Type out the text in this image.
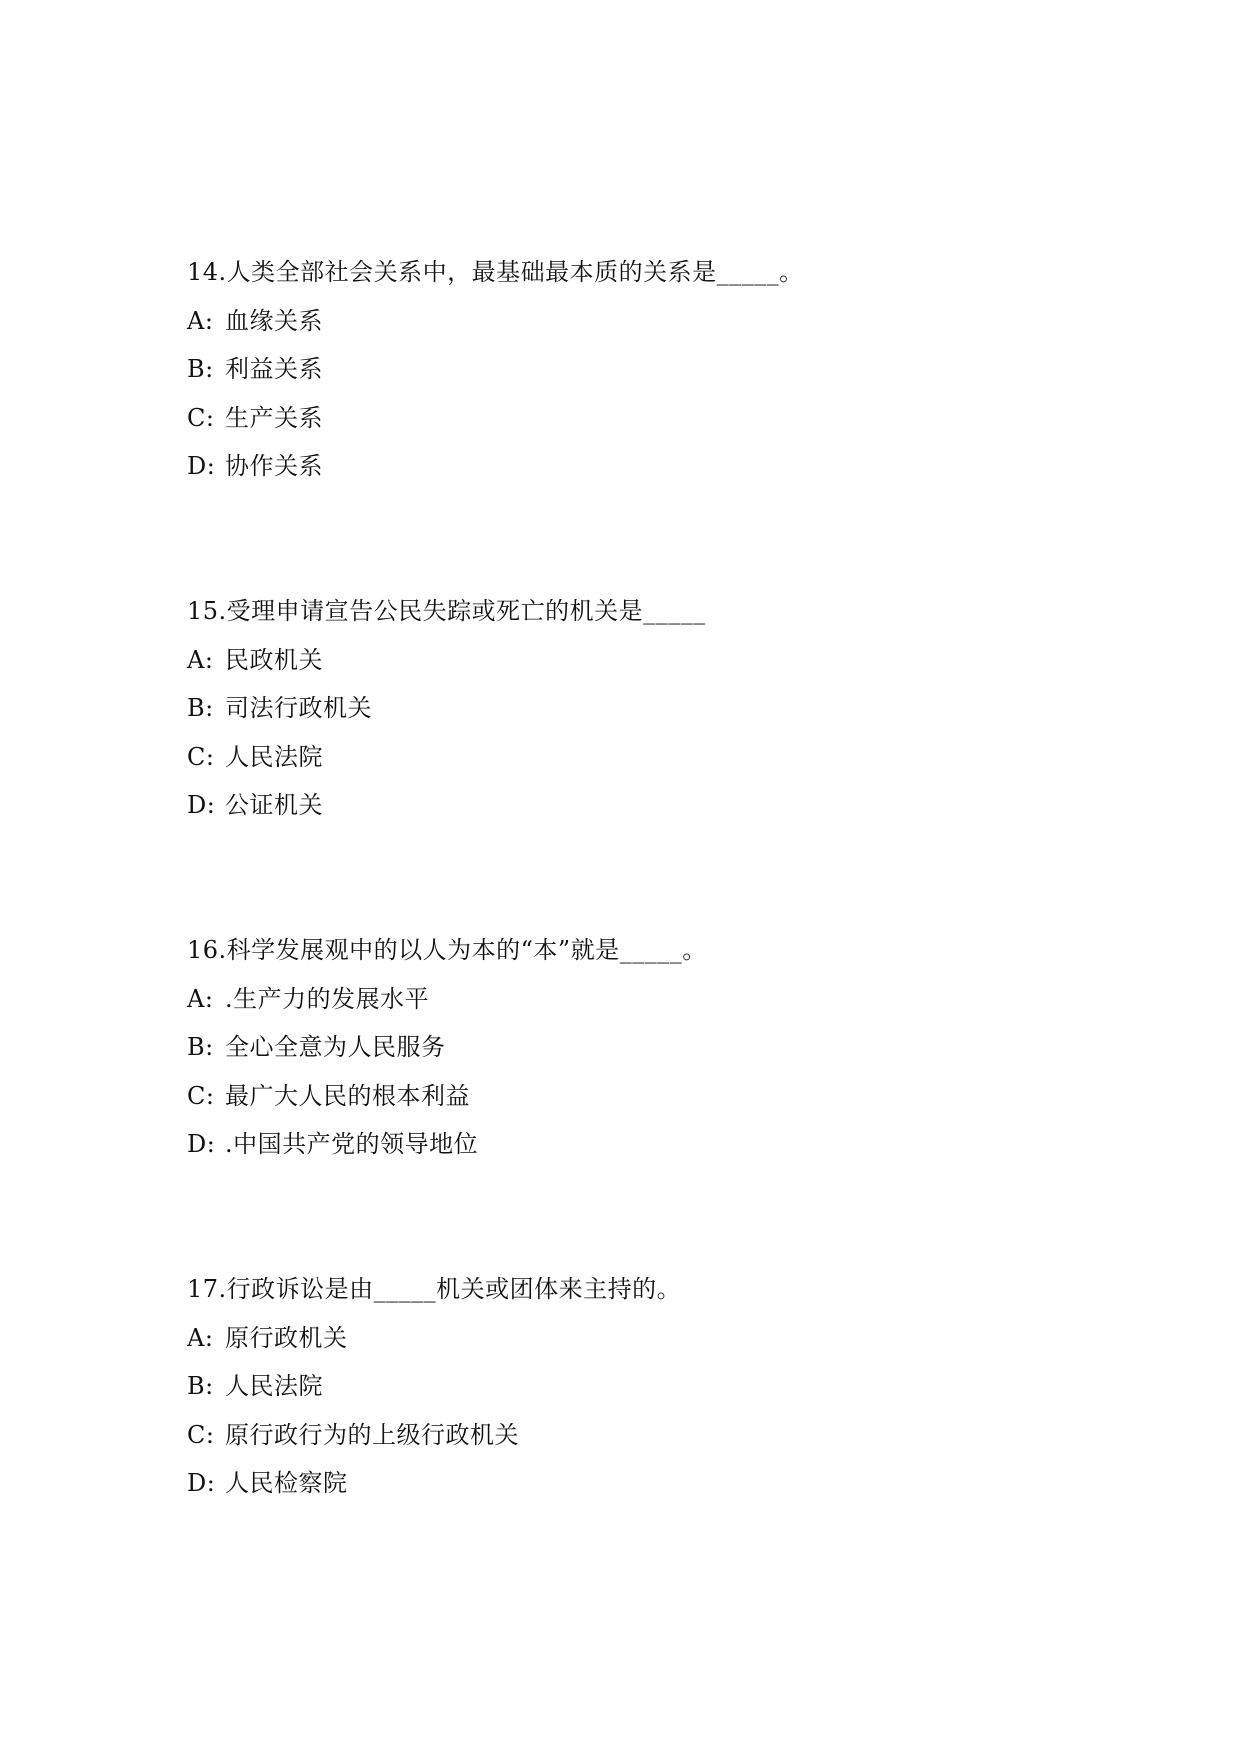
14.人类全部社会关系中，最基础最本质的关系是_____。
A: 血缘关系
B: 利益关系
C: 生产关系
D: 协作关系
15.受理申请宣告公民失踪或死亡的机关是_____
A: 民政机关
B: 司法行政机关
C: 人民法院
D: 公证机关
16.科学发展观中的以人为本的“本”就是_____。
A: .生产力的发展水平
B: 全心全意为人民服务
C: 最广大人民的根本利益
D: .中国共产党的领导地位
17.行政诉讼是由_____机关或团体来主持的。
A: 原行政机关
B: 人民法院
C: 原行政行为的上级行政机关
D: 人民检察院
